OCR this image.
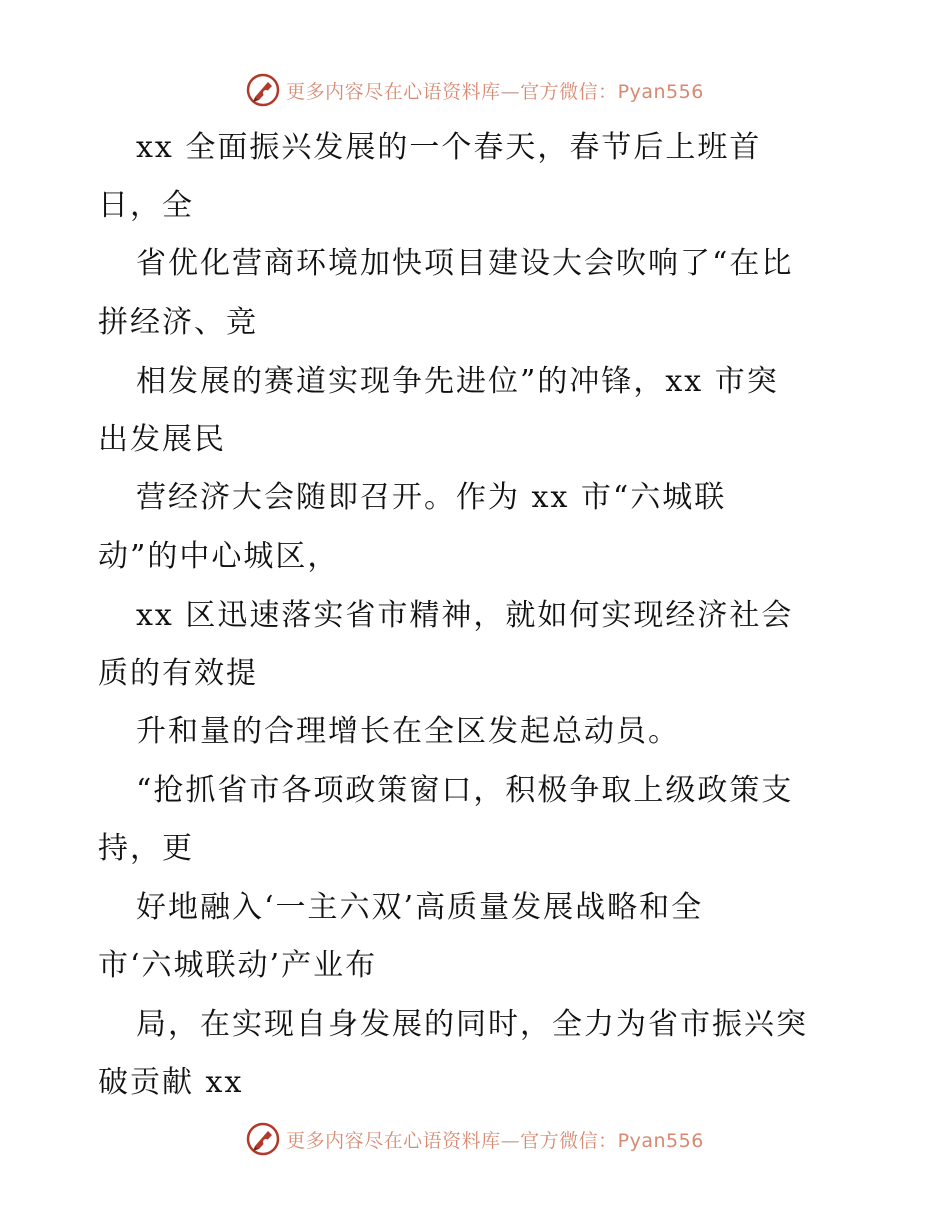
更多内容尽在心语资料库—官方微信：Pyan556
xx 全面振兴发展的一个春天，春节后上班首
日，全
省优化营商环境加快项目建设大会吹响了“在比
拼经济、竞
相发展的赛道实现争先进位”的冲锋，xx 市突
出发展民
营经济大会随即召开。作为 xx 市“六城联
动”的中心城区，
xx 区迅速落实省市精神，就如何实现经济社会
质的有效提
升和量的合理增长在全区发起总动员。
“抢抓省市各项政策窗口，积极争取上级政策支
持，更
好地融入‘一主六双’高质量发展战略和全
市‘六城联动’产业布
局，在实现自身发展的同时，全力为省市振兴突
破贡献 xx
更多内容尽在心语资料库—官方微信：Pyan556
